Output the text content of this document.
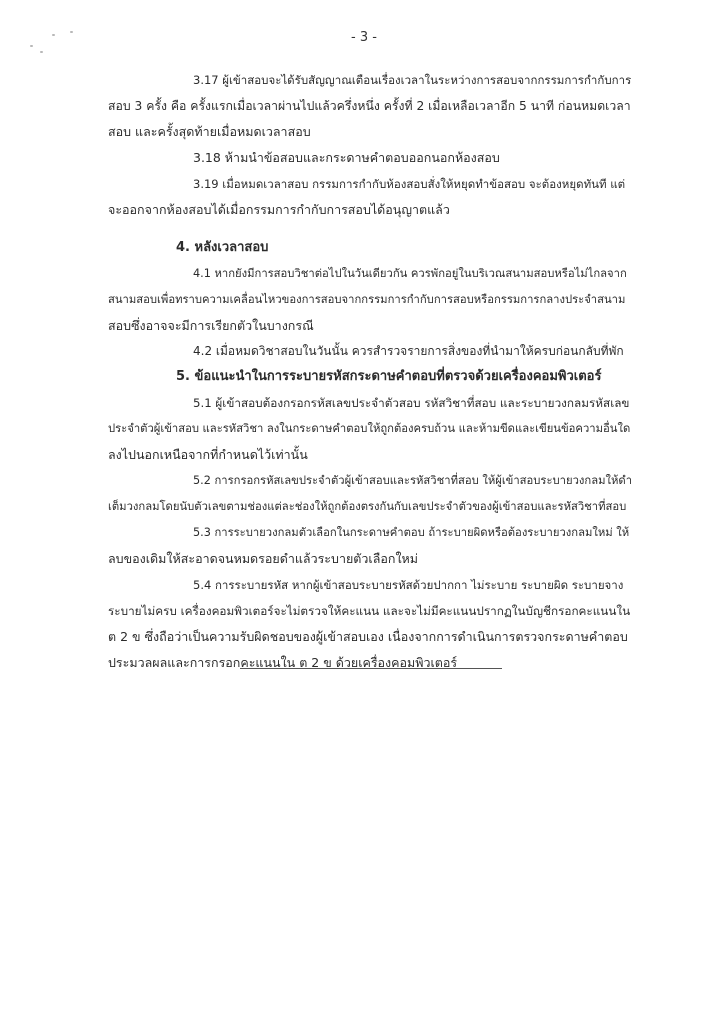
- 3 -
3.17 ผู้เข้าสอบจะได้รับสัญญาณเตือนเรื่องเวลาในระหว่างการสอบจากกรรมการกำกับการ
สอบ 3 ครั้ง คือ ครั้งแรกเมื่อเวลาผ่านไปแล้วครึ่งหนึ่ง ครั้งที่ 2 เมื่อเหลือเวลาอีก 5 นาที ก่อนหมดเวลา
สอบ และครั้งสุดท้ายเมื่อหมดเวลาสอบ
3.18 ห้ามนำข้อสอบและกระดาษคำตอบออกนอกห้องสอบ
3.19 เมื่อหมดเวลาสอบ กรรมการกำกับห้องสอบสั่งให้หยุดทำข้อสอบ จะต้องหยุดทันที แต่
จะออกจากห้องสอบได้เมื่อกรรมการกำกับการสอบได้อนุญาตแล้ว
4. หลังเวลาสอบ
4.1 หากยังมีการสอบวิชาต่อไปในวันเดียวกัน ควรพักอยู่ในบริเวณสนามสอบหรือไม่ไกลจาก
สนามสอบเพื่อทราบความเคลื่อนไหวของการสอบจากกรรมการกำกับการสอบหรือกรรมการกลางประจำสนาม
สอบซึ่งอาจจะมีการเรียกตัวในบางกรณี
4.2 เมื่อหมดวิชาสอบในวันนั้น ควรสำรวจรายการสิ่งของที่นำมาให้ครบก่อนกลับที่พัก
5. ข้อแนะนำในการระบายรหัสกระดาษคำตอบที่ตรวจด้วยเครื่องคอมพิวเตอร์
5.1 ผู้เข้าสอบต้องกรอกรหัสเลขประจำตัวสอบ รหัสวิชาที่สอบ และระบายวงกลมรหัสเลข
ประจำตัวผู้เข้าสอบ และรหัสวิชา ลงในกระดาษคำตอบให้ถูกต้องครบถ้วน และห้ามขีดและเขียนข้อความอื่นใด
ลงไปนอกเหนือจากที่กำหนดไว้เท่านั้น
5.2 การกรอกรหัสเลขประจำตัวผู้เข้าสอบและรหัสวิชาที่สอบ ให้ผู้เข้าสอบระบายวงกลมให้ดำ
เต็มวงกลมโดยนับตัวเลขตามช่องแต่ละช่องให้ถูกต้องตรงกันกับเลขประจำตัวของผู้เข้าสอบและรหัสวิชาที่สอบ
5.3 การระบายวงกลมตัวเลือกในกระดาษคำตอบ ถ้าระบายผิดหรือต้องระบายวงกลมใหม่ ให้
ลบของเดิมให้สะอาดจนหมดรอยดำแล้วระบายตัวเลือกใหม่
5.4 การระบายรหัส หากผู้เข้าสอบระบายรหัสด้วยปากกา ไม่ระบาย ระบายผิด ระบายจาง
ระบายไม่ครบ เครื่องคอมพิวเตอร์จะไม่ตรวจให้คะแนน และจะไม่มีคะแนนปรากฏในบัญชีกรอกคะแนนใน
ต 2 ข ซึ่งถือว่าเป็นความรับผิดชอบของผู้เข้าสอบเอง เนื่องจากการดำเนินการตรวจกระดาษคำตอบ
ประมวลผลและการกรอกคะแนนใน ต 2 ข ด้วยเครื่องคอมพิวเตอร์
